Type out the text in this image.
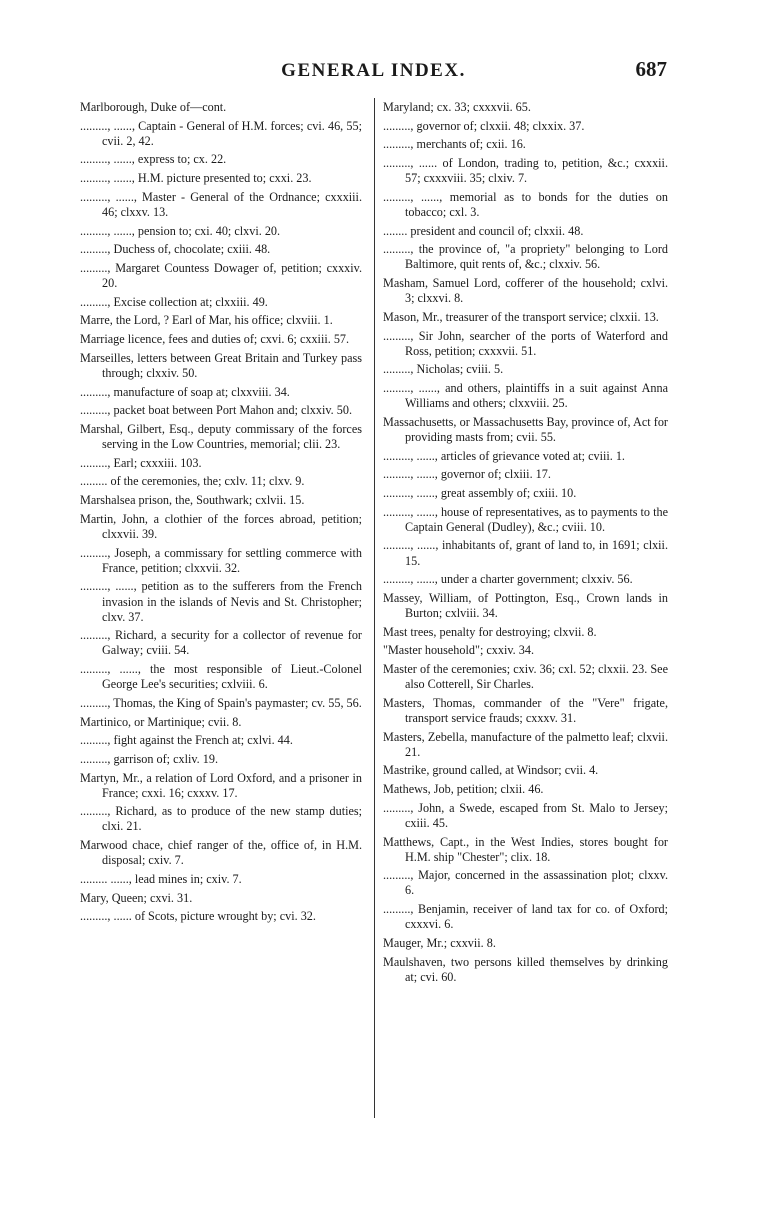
GENERAL INDEX.	687

Marlborough, Duke of—cont.

........., ......, Captain - General of H.M. forces; cvi. 46, 55; cvii. 2, 42.

........., ......, express to; cx. 22.

........., ......, H.M. picture presented to; cxxi. 23.

........., ......, Master - General of the Ordnance; cxxxiii. 46; clxxv. 13.

........., ......, pension to; cxi. 40; clxvi. 20.

........., Duchess of, chocolate; cxiii. 48.

........., Margaret Countess Dowager of, petition; cxxxiv. 20.

........., Excise collection at; clxxiii. 49.

Marre, the Lord, ? Earl of Mar, his office; clxviii. 1.

Marriage licence, fees and duties of; cxvi. 6; cxxiii. 57.

Marseilles, letters between Great Britain and Turkey pass through; clxxiv. 50.

........., manufacture of soap at; clxxviii. 34.

........., packet boat between Port Mahon and; clxxiv. 50.

Marshal, Gilbert, Esq., deputy commissary of the forces serving in the Low Countries, memorial; clii. 23.

........., Earl; cxxxiii. 103.

......... of the ceremonies, the; cxlv. 11; clxv. 9.

Marshalsea prison, the, Southwark; cxlvii. 15.

Martin, John, a clothier of the forces abroad, petition; clxxvii. 39.

........., Joseph, a commissary for settling commerce with France, petition; clxxvii. 32.

........., ......, petition as to the sufferers from the French invasion in the islands of Nevis and St. Christopher; clxv. 37.

........., Richard, a security for a collector of revenue for Galway; cviii. 54.

........., ......, the most responsible of Lieut.-Colonel George Lee's securities; cxlviii. 6.

........., Thomas, the King of Spain's paymaster; cv. 55, 56.

Martinico, or Martinique; cvii. 8.

........., fight against the French at; cxlvi. 44.

........., garrison of; cxliv. 19.

Martyn, Mr., a relation of Lord Oxford, and a prisoner in France; cxxi. 16; cxxxv. 17.

........., Richard, as to produce of the new stamp duties; clxi. 21.

Marwood chace, chief ranger of the, office of, in H.M. disposal; cxiv. 7.

......... ......, lead mines in; cxiv. 7.

Mary, Queen; cxvi. 31.

........., ...... of Scots, picture wrought by; cvi. 32.

Maryland; cx. 33; cxxxvii. 65.

........., governor of; clxxii. 48; clxxix. 37.

........., merchants of; cxii. 16.

........., ...... of London, trading to, petition, &c.; cxxxii. 57; cxxxviii. 35; clxiv. 7.

........., ......, memorial as to bonds for the duties on tobacco; cxl. 3.

........ president and council of; clxxii. 48.

........., the province of, "a propriety" belonging to Lord Baltimore, quit rents of, &c.; clxxiv. 56.

Masham, Samuel Lord, cofferer of the household; cxlvi. 3; clxxvi. 8.

Mason, Mr., treasurer of the transport service; clxxii. 13.

........., Sir John, searcher of the ports of Waterford and Ross, petition; cxxxvii. 51.

........., Nicholas; cviii. 5.

........., ......, and others, plaintiffs in a suit against Anna Williams and others; clxxviii. 25.

Massachusetts, or Massachusetts Bay, province of, Act for providing masts from; cvii. 55.

........., ......, articles of grievance voted at; cviii. 1.

........., ......, governor of; clxiii. 17.

........., ......, great assembly of; cxiii. 10.

........., ......, house of representatives, as to payments to the Captain General (Dudley), &c.; cviii. 10.

........., ......, inhabitants of, grant of land to, in 1691; clxii. 15.

........., ......, under a charter government; clxxiv. 56.

Massey, William, of Pottington, Esq., Crown lands in Burton; cxlviii. 34.

Mast trees, penalty for destroying; clxvii. 8.

"Master household"; cxxiv. 34.

Master of the ceremonies; cxiv. 36; cxl. 52; clxxii. 23. See also Cotterell, Sir Charles.

Masters, Thomas, commander of the "Vere" frigate, transport service frauds; cxxxv. 31.

Masters, Zebella, manufacture of the palmetto leaf; clxvii. 21.

Mastrike, ground called, at Windsor; cvii. 4.

Mathews, Job, petition; clxii. 46.

........., John, a Swede, escaped from St. Malo to Jersey; cxiii. 45.

Matthews, Capt., in the West Indies, stores bought for H.M. ship "Chester"; clix. 18.

........., Major, concerned in the assassination plot; clxxv. 6.

........., Benjamin, receiver of land tax for co. of Oxford; cxxxvi. 6.

Mauger, Mr.; cxxvii. 8.

Maulshaven, two persons killed themselves by drinking at; cvi. 60.
